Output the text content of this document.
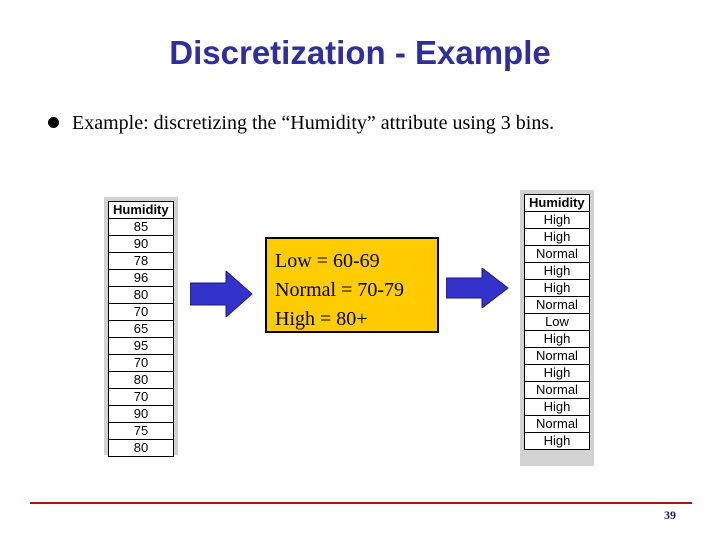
Discretization - Example
Example: discretizing the “Humidity” attribute using 3 bins.
Humidity
85
90
78
96
80
70
65
95
70
80
70
90
75
80
Low = 60-69
Normal = 70-79
High = 80+
Humidity
High
High
Normal
High
High
Normal
Low
High
Normal
High
Normal
High
Normal
High
39
